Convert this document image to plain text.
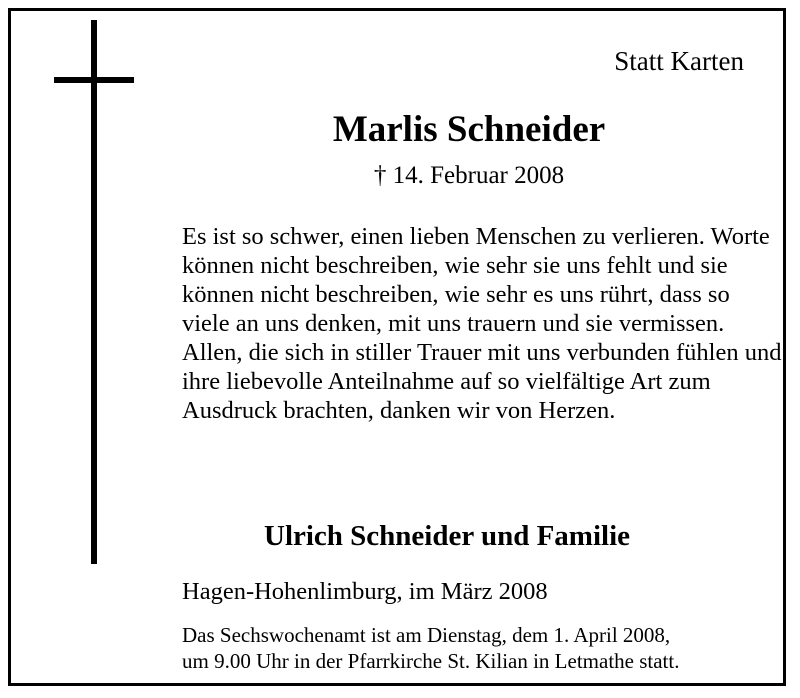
Statt Karten
Marlis Schneider
† 14. Februar 2008

Es ist so schwer, einen lieben Menschen zu verlieren. Worte können nicht beschreiben, wie sehr sie uns fehlt und sie können nicht beschreiben, wie sehr es uns rührt, dass so viele an uns denken, mit uns trauern und sie vermissen.

Allen, die sich in stiller Trauer mit uns verbunden fühlen und ihre liebevolle Anteilnahme auf so vielfältige Art zum Ausdruck brachten, danken wir von Herzen.

Ulrich Schneider und Familie
Hagen-Hohenlimburg, im März 2008
Das Sechswochenamt ist am Dienstag, dem 1. April 2008,
um 9.00 Uhr in der Pfarrkirche St. Kilian in Letmathe statt.
